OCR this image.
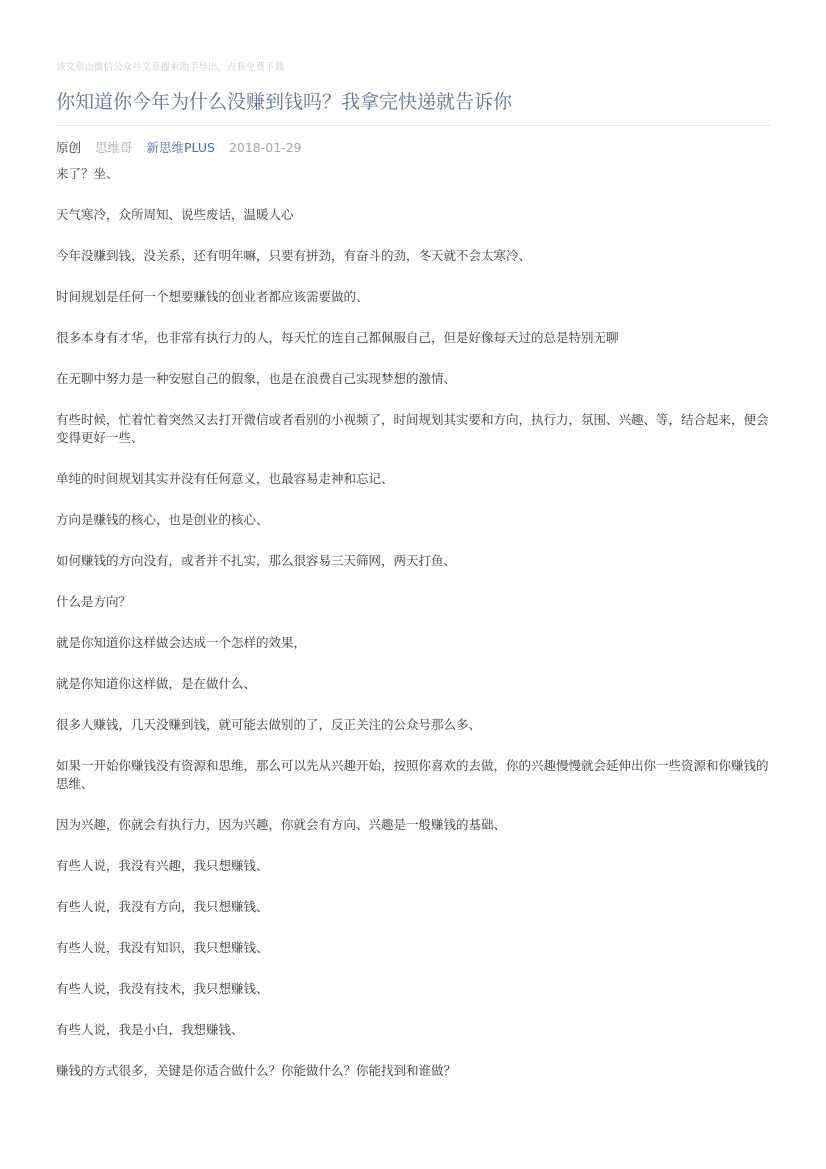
该文章由微信公众号文章搜索助手导出，点我免费下载
你知道你今年为什么没赚到钱吗？我拿完快递就告诉你
原创 思维哥 新思维PLUS 2018-01-29

来了？坐、

天气寒冷，众所周知、说些废话，温暖人心

今年没赚到钱，没关系，还有明年嘛，只要有拼劲，有奋斗的劲，冬天就不会太寒冷、

时间规划是任何一个想要赚钱的创业者都应该需要做的、

很多本身有才华，也非常有执行力的人，每天忙的连自己都佩服自己，但是好像每天过的总是特别无聊

在无聊中努力是一种安慰自己的假象，也是在浪费自己实现梦想的激情、

有些时候，忙着忙着突然又去打开微信或者看别的小视频了，时间规划其实要和方向，执行力，氛围、兴趣、等，结合起来，便会变得更好一些、

单纯的时间规划其实并没有任何意义，也最容易走神和忘记、

方向是赚钱的核心，也是创业的核心、

如何赚钱的方向没有，或者并不扎实，那么很容易三天筛网，两天打鱼、

什么是方向？

就是你知道你这样做会达成一个怎样的效果，

就是你知道你这样做，是在做什么、

很多人赚钱，几天没赚到钱，就可能去做别的了，反正关注的公众号那么多、

如果一开始你赚钱没有资源和思维，那么可以先从兴趣开始，按照你喜欢的去做，你的兴趣慢慢就会延伸出你一些资源和你赚钱的思维、

因为兴趣，你就会有执行力，因为兴趣，你就会有方向、兴趣是一般赚钱的基础、

有些人说，我没有兴趣，我只想赚钱、

有些人说，我没有方向，我只想赚钱、

有些人说，我没有知识，我只想赚钱、

有些人说，我没有技术，我只想赚钱、

有些人说，我是小白，我想赚钱、

赚钱的方式很多，关键是你适合做什么？你能做什么？你能找到和谁做？
